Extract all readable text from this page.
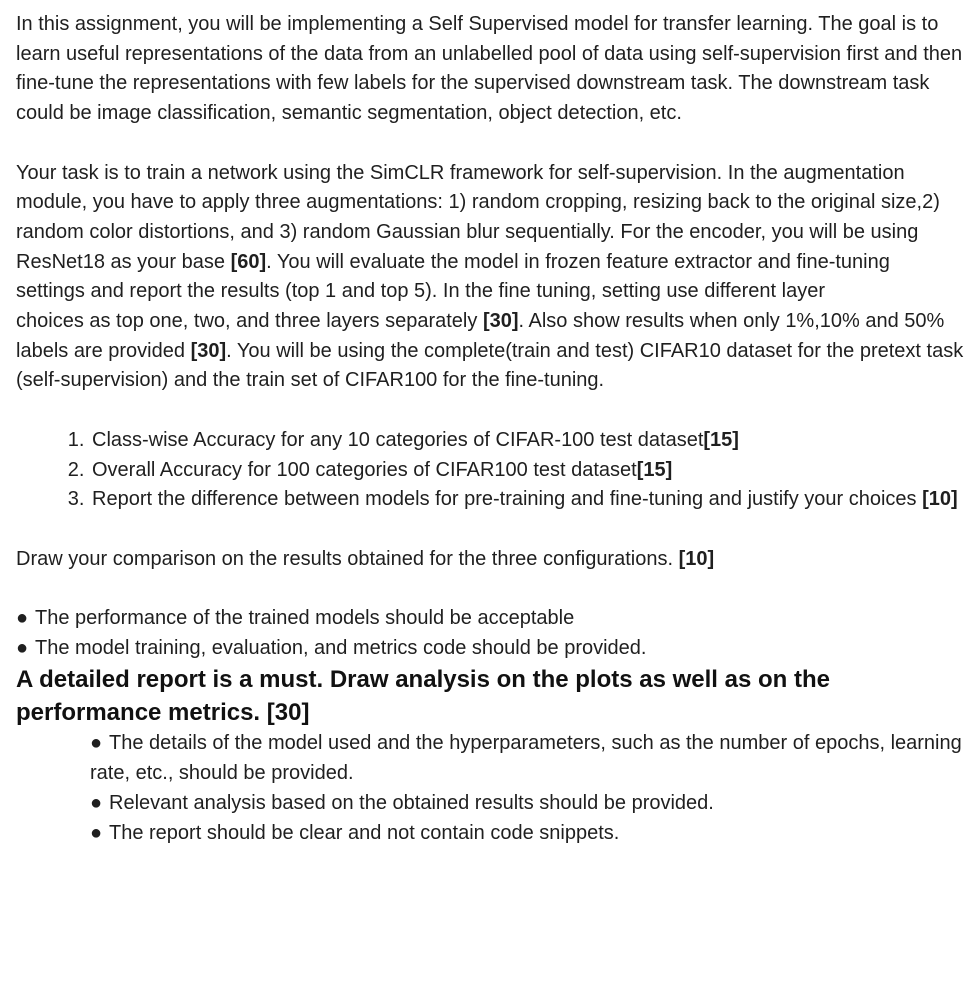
In this assignment, you will be implementing a Self Supervised model for transfer learning. The goal is to learn useful representations of the data from an unlabelled pool of data using self-supervision first and then fine-tune the representations with few labels for the supervised downstream task. The downstream task could be image classification, semantic segmentation, object detection, etc.

Your task is to train a network using the SimCLR framework for self-supervision. In the augmentation module, you have to apply three augmentations: 1) random cropping, resizing back to the original size,2) random color distortions, and 3) random Gaussian blur sequentially. For the encoder, you will be using ResNet18 as your base [60]. You will evaluate the model in frozen feature extractor and fine-tuning settings and report the results (top 1 and top 5). In the fine tuning, setting use different layer

choices as top one, two, and three layers separately [30]. Also show results when only 1%,10% and 50% labels are provided [30]. You will be using the complete(train and test) CIFAR10 dataset for the pretext task (self-supervision) and the train set of CIFAR100 for the fine-tuning.

1. Class-wise Accuracy for any 10 categories of CIFAR-100 test dataset[15]
2. Overall Accuracy for 100 categories of CIFAR100 test dataset[15]
3. Report the difference between models for pre-training and fine-tuning and justify your choices [10]

Draw your comparison on the results obtained for the three configurations. [10]

● The performance of the trained models should be acceptable
● The model training, evaluation, and metrics code should be provided.
A detailed report is a must. Draw analysis on the plots as well as on the performance metrics. [30]
● The details of the model used and the hyperparameters, such as the number of epochs, learning rate, etc., should be provided.
● Relevant analysis based on the obtained results should be provided.
● The report should be clear and not contain code snippets.
